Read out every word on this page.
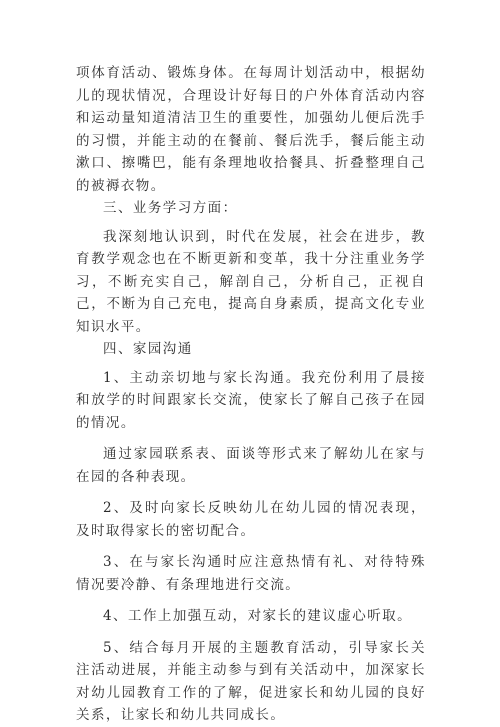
项体育活动、锻炼身体。在每周计划活动中，根据幼儿的现状情况，合理设计好每日的户外体育活动内容和运动量知道清洁卫生的重要性，加强幼儿便后洗手的习惯，并能主动的在餐前、餐后洗手，餐后能主动漱口、擦嘴巴，能有条理地收拾餐具、折叠整理自己的被褥衣物。

三、业务学习方面：

我深刻地认识到，时代在发展，社会在进步，教育教学观念也在不断更新和变革，我十分注重业务学习，不断充实自己，解剖自己，分析自己，正视自己，不断为自己充电，提高自身素质，提高文化专业知识水平。

四、家园沟通

1、主动亲切地与家长沟通。我充份利用了晨接和放学的时间跟家长交流，使家长了解自己孩子在园的情况。

通过家园联系表、面谈等形式来了解幼儿在家与在园的各种表现。

2、及时向家长反映幼儿在幼儿园的情况表现，及时取得家长的密切配合。

3、在与家长沟通时应注意热情有礼、对待特殊情况要冷静、有条理地进行交流。

4、工作上加强互动，对家长的建议虚心听取。

5、结合每月开展的主题教育活动，引导家长关注活动进展，并能主动参与到有关活动中，加深家长对幼儿园教育工作的了解，促进家长和幼儿园的良好关系，让家长和幼儿共同成长。
